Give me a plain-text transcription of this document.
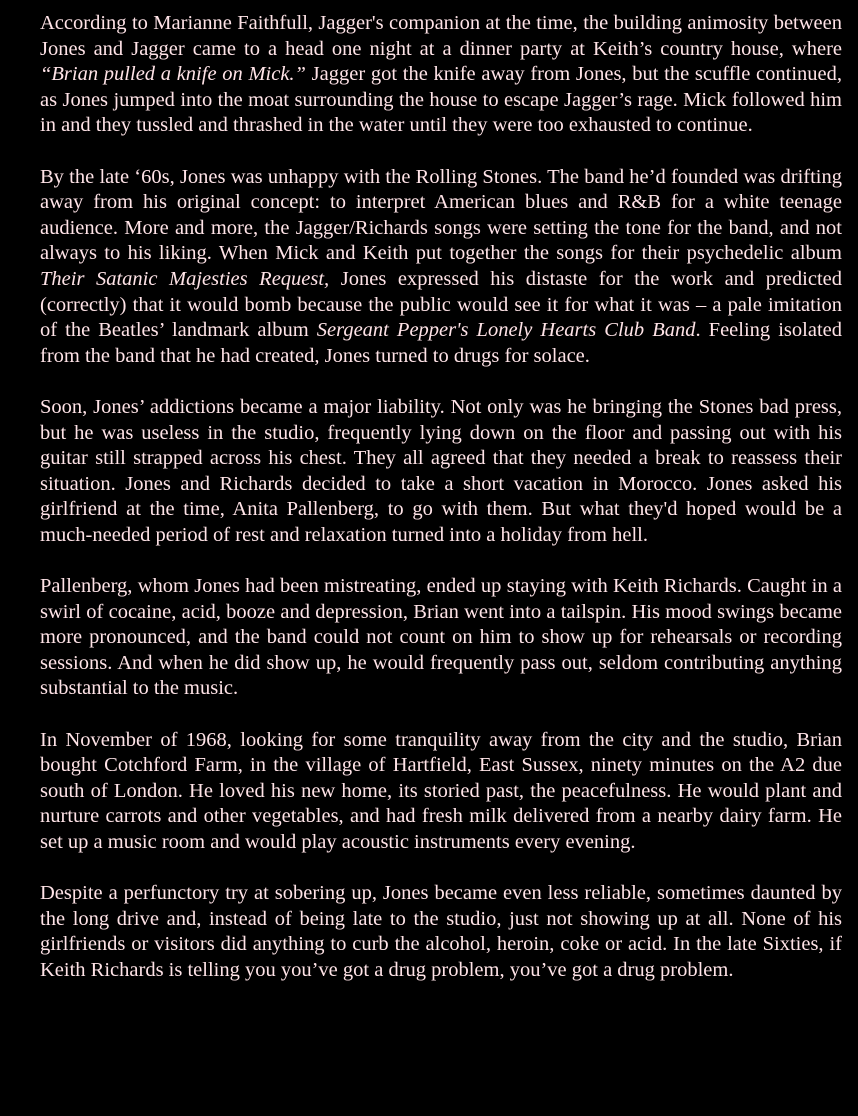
According to Marianne Faithfull, Jagger's companion at the time, the building animosity between Jones and Jagger came to a head one night at a dinner party at Keith’s country house, where “Brian pulled a knife on Mick.” Jagger got the knife away from Jones, but the scuffle continued, as Jones jumped into the moat surrounding the house to escape Jagger’s rage. Mick followed him in and they tussled and thrashed in the water until they were too exhausted to continue.

By the late ‘60s, Jones was unhappy with the Rolling Stones. The band he’d founded was drifting away from his original concept: to interpret American blues and R&B for a white teenage audience. More and more, the Jagger/Richards songs were setting the tone for the band, and not always to his liking. When Mick and Keith put together the songs for their psychedelic album Their Satanic Majesties Request, Jones expressed his distaste for the work and predicted (correctly) that it would bomb because the public would see it for what it was – a pale imitation of the Beatles’ landmark album Sergeant Pepper's Lonely Hearts Club Band. Feeling isolated from the band that he had created, Jones turned to drugs for solace.

Soon, Jones’ addictions became a major liability. Not only was he bringing the Stones bad press, but he was useless in the studio, frequently lying down on the floor and passing out with his guitar still strapped across his chest. They all agreed that they needed a break to reassess their situation. Jones and Richards decided to take a short vacation in Morocco. Jones asked his girlfriend at the time, Anita Pallenberg, to go with them. But what they'd hoped would be a much-needed period of rest and relaxation turned into a holiday from hell.

Pallenberg, whom Jones had been mistreating, ended up staying with Keith Richards. Caught in a swirl of cocaine, acid, booze and depression, Brian went into a tailspin. His mood swings became more pronounced, and the band could not count on him to show up for rehearsals or recording sessions. And when he did show up, he would frequently pass out, seldom contributing anything substantial to the music.

In November of 1968, looking for some tranquility away from the city and the studio, Brian bought Cotchford Farm, in the village of Hartfield, East Sussex, ninety minutes on the A2 due south of London. He loved his new home, its storied past, the peacefulness. He would plant and nurture carrots and other vegetables, and had fresh milk delivered from a nearby dairy farm. He set up a music room and would play acoustic instruments every evening.

Despite a perfunctory try at sobering up, Jones became even less reliable, sometimes daunted by the long drive and, instead of being late to the studio, just not showing up at all. None of his girlfriends or visitors did anything to curb the alcohol, heroin, coke or acid. In the late Sixties, if Keith Richards is telling you you’ve got a drug problem, you’ve got a drug problem.
